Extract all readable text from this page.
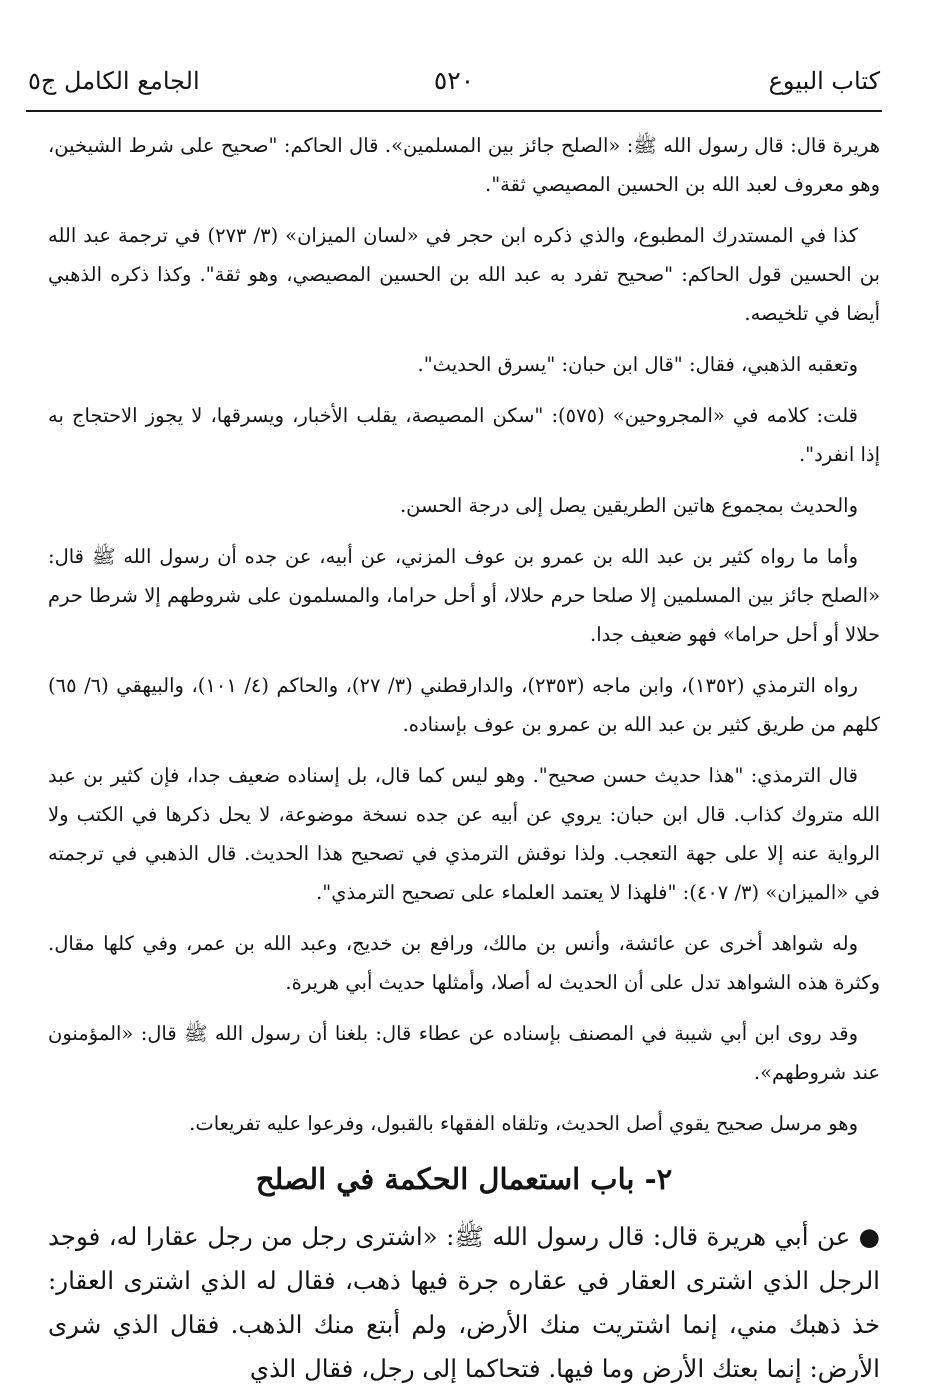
كتاب البيوع
٥٢٠
الجامع الكامل ج٥

هريرة قال: قال رسول الله ﷺ: «الصلح جائز بين المسلمين». قال الحاكم: "صحيح على شرط الشيخين، وهو معروف لعبد الله بن الحسين المصيصي ثقة".

كذا في المستدرك المطبوع، والذي ذكره ابن حجر في «لسان الميزان» (٣/ ٢٧٣) في ترجمة عبد الله بن الحسين قول الحاكم: "صحيح تفرد به عبد الله بن الحسين المصيصي، وهو ثقة". وكذا ذكره الذهبي أيضا في تلخيصه.

وتعقبه الذهبي، فقال: "قال ابن حبان: "يسرق الحديث".

قلت: كلامه في «المجروحين» (٥٧٥): "سكن المصيصة، يقلب الأخبار، ويسرقها، لا يجوز الاحتجاج به إذا انفرد".

والحديث بمجموع هاتين الطريقين يصل إلى درجة الحسن.

وأما ما رواه كثير بن عبد الله بن عمرو بن عوف المزني، عن أبيه، عن جده أن رسول الله ﷺ قال: «الصلح جائز بين المسلمين إلا صلحا حرم حلالا، أو أحل حراما، والمسلمون على شروطهم إلا شرطا حرم حلالا أو أحل حراما» فهو ضعيف جدا.

رواه الترمذي (١٣٥٢)، وابن ماجه (٢٣٥٣)، والدارقطني (٣/ ٢٧)، والحاكم (٤/ ١٠١)، والبيهقي (٦/ ٦٥) كلهم من طريق كثير بن عبد الله بن عمرو بن عوف بإسناده.

قال الترمذي: "هذا حديث حسن صحيح". وهو ليس كما قال، بل إسناده ضعيف جدا، فإن كثير بن عبد الله متروك كذاب. قال ابن حبان: يروي عن أبيه عن جده نسخة موضوعة، لا يحل ذكرها في الكتب ولا الرواية عنه إلا على جهة التعجب. ولذا نوقش الترمذي في تصحيح هذا الحديث. قال الذهبي في ترجمته في «الميزان» (٣/ ٤٠٧): "فلهذا لا يعتمد العلماء على تصحيح الترمذي".

وله شواهد أخرى عن عائشة، وأنس بن مالك، ورافع بن خديج، وعبد الله بن عمر، وفي كلها مقال. وكثرة هذه الشواهد تدل على أن الحديث له أصلا، وأمثلها حديث أبي هريرة.

وقد روى ابن أبي شيبة في المصنف بإسناده عن عطاء قال: بلغنا أن رسول الله ﷺ قال: «المؤمنون عند شروطهم».

وهو مرسل صحيح يقوي أصل الحديث، وتلقاه الفقهاء بالقبول، وفرعوا عليه تفريعات.

٢- باب استعمال الحكمة في الصلح

● عن أبي هريرة قال: قال رسول الله ﷺ: «اشترى رجل من رجل عقارا له، فوجد الرجل الذي اشترى العقار في عقاره جرة فيها ذهب، فقال له الذي اشترى العقار: خذ ذهبك مني، إنما اشتريت منك الأرض، ولم أبتع منك الذهب. فقال الذي شرى الأرض: إنما بعتك الأرض وما فيها. فتحاكما إلى رجل، فقال الذي
